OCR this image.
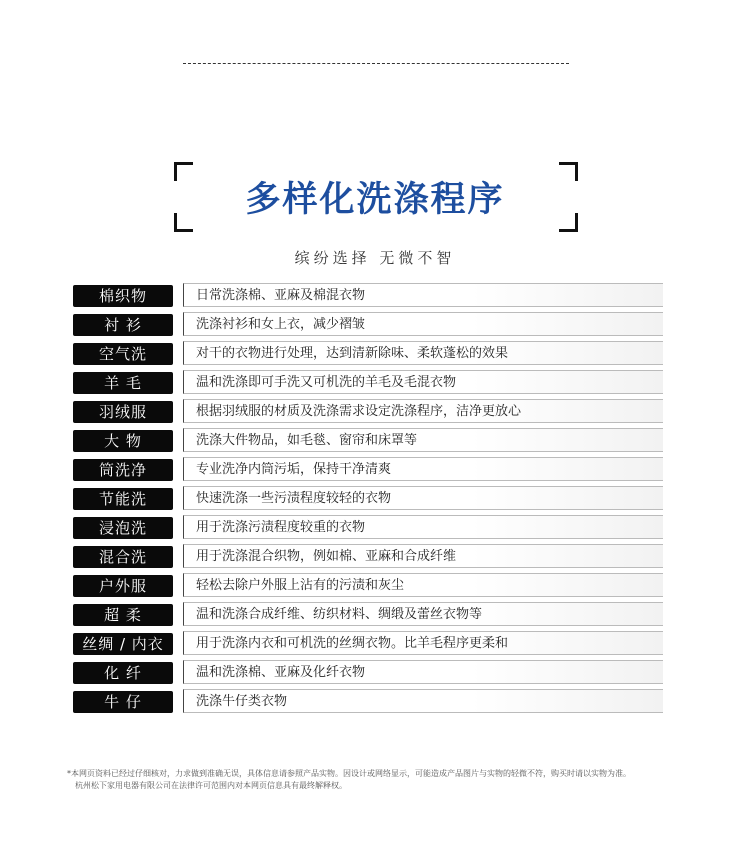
多样化洗涤程序
缤纷选择 无微不智
棉织物	日常洗涤棉、亚麻及棉混衣物
衬 衫	洗涤衬衫和女上衣，减少褶皱
空气洗	对干的衣物进行处理，达到清新除味、柔软蓬松的效果
羊 毛	温和洗涤即可手洗又可机洗的羊毛及毛混衣物
羽绒服	根据羽绒服的材质及洗涤需求设定洗涤程序，洁净更放心
大 物	洗涤大件物品，如毛毯、窗帘和床罩等
筒洗净	专业洗净内筒污垢，保持干净清爽
节能洗	快速洗涤一些污渍程度较轻的衣物
浸泡洗	用于洗涤污渍程度较重的衣物
混合洗	用于洗涤混合织物，例如棉、亚麻和合成纤维
户外服	轻松去除户外服上沾有的污渍和灰尘
超 柔	温和洗涤合成纤维、纺织材料、绸缎及蕾丝衣物等
丝绸 / 内衣	用于洗涤内衣和可机洗的丝绸衣物。比羊毛程序更柔和
化 纤	温和洗涤棉、亚麻及化纤衣物
牛 仔	洗涤牛仔类衣物
*本网页资料已经过仔细核对，力求做到准确无误，具体信息请参照产品实物。因设计或网络显示，可能造成产品图片与实物的轻微不符，购买时请以实物为准。
杭州松下家用电器有限公司在法律许可范围内对本网页信息具有最终解释权。
